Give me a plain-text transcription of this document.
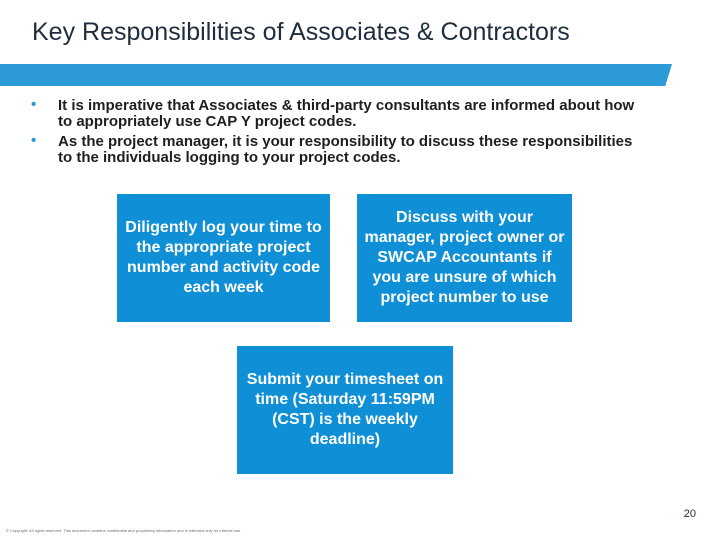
Key Responsibilities of Associates & Contractors
• It is imperative that Associates & third-party consultants are informed about how to appropriately use CAP Y project codes.
• As the project manager, it is your responsibility to discuss these responsibilities to the individuals logging to your project codes.
Diligently log your time to the appropriate project number and activity code each week
Discuss with your manager, project owner or SWCAP Accountants if you are unsure of which project number to use
Submit your timesheet on time (Saturday 11:59PM (CST) is the weekly deadline)
20
© Copyright. All rights reserved. This document contains confidential and proprietary information and is intended only for internal use.
